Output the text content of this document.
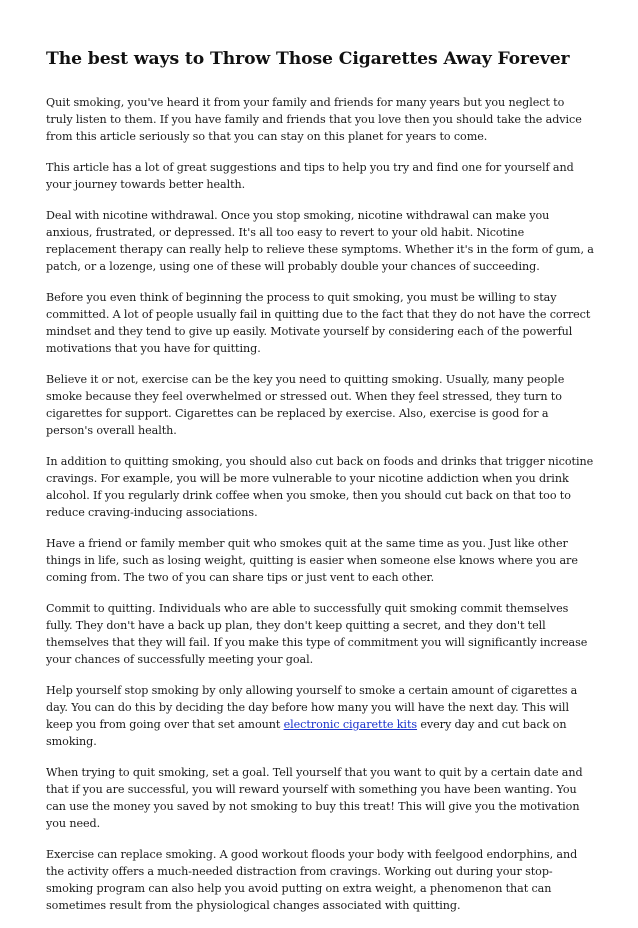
The best ways to Throw Those Cigarettes Away Forever

Quit smoking, you've heard it from your family and friends for many years but you neglect to truly listen to them. If you have family and friends that you love then you should take the advice from this article seriously so that you can stay on this planet for years to come.

This article has a lot of great suggestions and tips to help you try and find one for yourself and your journey towards better health.

Deal with nicotine withdrawal. Once you stop smoking, nicotine withdrawal can make you anxious, frustrated, or depressed. It's all too easy to revert to your old habit. Nicotine replacement therapy can really help to relieve these symptoms. Whether it's in the form of gum, a patch, or a lozenge, using one of these will probably double your chances of succeeding.

Before you even think of beginning the process to quit smoking, you must be willing to stay committed. A lot of people usually fail in quitting due to the fact that they do not have the correct mindset and they tend to give up easily. Motivate yourself by considering each of the powerful motivations that you have for quitting.

Believe it or not, exercise can be the key you need to quitting smoking. Usually, many people smoke because they feel overwhelmed or stressed out. When they feel stressed, they turn to cigarettes for support. Cigarettes can be replaced by exercise. Also, exercise is good for a person's overall health.

In addition to quitting smoking, you should also cut back on foods and drinks that trigger nicotine cravings. For example, you will be more vulnerable to your nicotine addiction when you drink alcohol. If you regularly drink coffee when you smoke, then you should cut back on that too to reduce craving-inducing associations.

Have a friend or family member quit who smokes quit at the same time as you. Just like other things in life, such as losing weight, quitting is easier when someone else knows where you are coming from. The two of you can share tips or just vent to each other.

Commit to quitting. Individuals who are able to successfully quit smoking commit themselves fully. They don't have a back up plan, they don't keep quitting a secret, and they don't tell themselves that they will fail. If you make this type of commitment you will significantly increase your chances of successfully meeting your goal.

Help yourself stop smoking by only allowing yourself to smoke a certain amount of cigarettes a day. You can do this by deciding the day before how many you will have the next day. This will keep you from going over that set amount electronic cigarette kits every day and cut back on smoking.

When trying to quit smoking, set a goal. Tell yourself that you want to quit by a certain date and that if you are successful, you will reward yourself with something you have been wanting. You can use the money you saved by not smoking to buy this treat! This will give you the motivation you need.

Exercise can replace smoking. A good workout floods your body with feelgood endorphins, and the activity offers a much-needed distraction from cravings. Working out during your stop-smoking program can also help you avoid putting on extra weight, a phenomenon that can sometimes result from the physiological changes associated with quitting.
